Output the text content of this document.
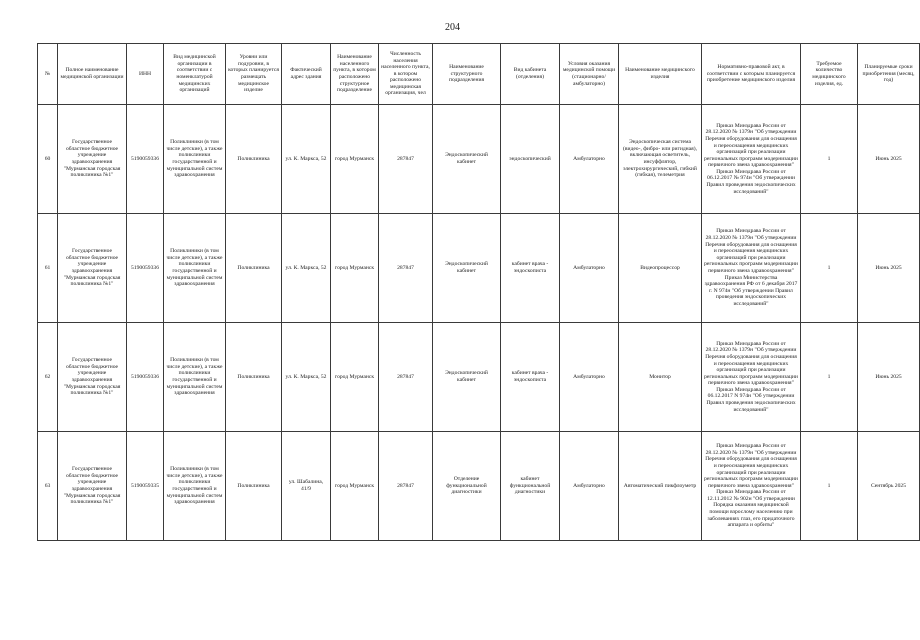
204
№	Полное наименование медицинской организации	ИНН	Вид медицинской организации в соответствии с номенклатурой медицинских организаций	Уровни или подуровни, в которых планируется размещать медицинское изделие	Фактический адрес здания	Наименование населенного пункта, в котором расположено структурное подразделение	Численность населения населенного пункта, в котором расположено медицинская организация, чел	Наименование структурного подразделения	Вид кабинета (отделения)	Условия оказания медицинской помощи (стационарно/амбулаторно)	Наименование медицинского изделия	Нормативно-правовой акт, в соответствии с которым планируется приобретение медицинского изделия	Требуемое количество медицинского изделия, ед.	Планируемые сроки приобретения (месяц, год)
60	Государственное областное бюджетное учреждение здравоохранения "Мурманская городская поликлиника №1"	5190059336	Поликлиники (в том числе детские), а также поликлиники государственной и муниципальной систем здравоохранения	Поликлиника	ул. К. Маркса, 52	город Мурманск	287847	Эндоскопический кабинет	эндоскопический	Амбулаторно	Эндоскопическая система (видео-, фибро- или ригидная), включающая осветитель, инсуффлятор, электрохирургический, гибкий (гибкая), телеметрия	Приказ Минздрава России от 28.12.2020 № 1379н "Об утверждении Перечня оборудования для оснащения и переоснащения медицинских организаций при реализации региональных программ модернизации первичного звена здравоохранения" Приказ Минздрава России от 06.12.2017 № 974н "Об утверждении Правил проведения эндоскопических исследований"	1	Июнь 2025
61	Государственное областное бюджетное учреждение здравоохранения "Мурманская городская поликлиника №1"	5190059336	Поликлиники (в том числе детские), а также поликлиники государственной и муниципальной систем здравоохранения	Поликлиника	ул. К. Маркса, 52	город Мурманск	287847	Эндоскопический кабинет	кабинет врача - эндоскописта	Амбулаторно	Видеопроцессор	Приказ Минздрава России от 28.12.2020 № 1379н "Об утверждении Перечня оборудования для оснащения и переоснащения медицинских организаций при реализации региональных программ модернизации первичного звена здравоохранения" Приказ Министерства здравоохранения РФ от 6 декабря 2017 г. N 974н "Об утверждении Правил проведения эндоскопических исследований"	1	Июнь 2025
62	Государственное областное бюджетное учреждение здравоохранения "Мурманская городская поликлиника №1"	5190059336	Поликлиники (в том числе детские), а также поликлиники государственной и муниципальной систем здравоохранения	Поликлиника	ул. К. Маркса, 52	город Мурманск	287847	Эндоскопический кабинет	кабинет врача - эндоскописта	Амбулаторно	Монитор	Приказ Минздрава России от 28.12.2020 № 1379н "Об утверждении Перечня оборудования для оснащения и переоснащения медицинских организаций при реализации региональных программ модернизации первичного звена здравоохранения" Приказ Минздрава России от 06.12.2017 N 974н "Об утверждении Правил проведения эндоскопических исследований"	1	Июнь 2025
63	Государственное областное бюджетное учреждение здравоохранения "Мурманская городская поликлиника №1"	5190059335	Поликлиники (в том числе детские), а также поликлиники государственной и муниципальной систем здравоохранения	Поликлиника	ул. Шабалина, 41/9	город Мурманск	287847	Отделение функциональной диагностики	кабинет функциональной диагностики	Амбулаторно	Автоматический пикфлоуметр	Приказ Минздрава России от 28.12.2020 № 1379н "Об утверждении Перечня оборудования для оснащения и переоснащения медицинских организаций при реализации региональных программ модернизации первичного звена здравоохранения" Приказ Минздрава России от 12.11.2012 № 902н "Об утверждении Порядка оказания медицинской помощи взрослому населению при заболеваниях глаз, его придаточного аппарата и орбиты"	1	Сентябрь 2025
